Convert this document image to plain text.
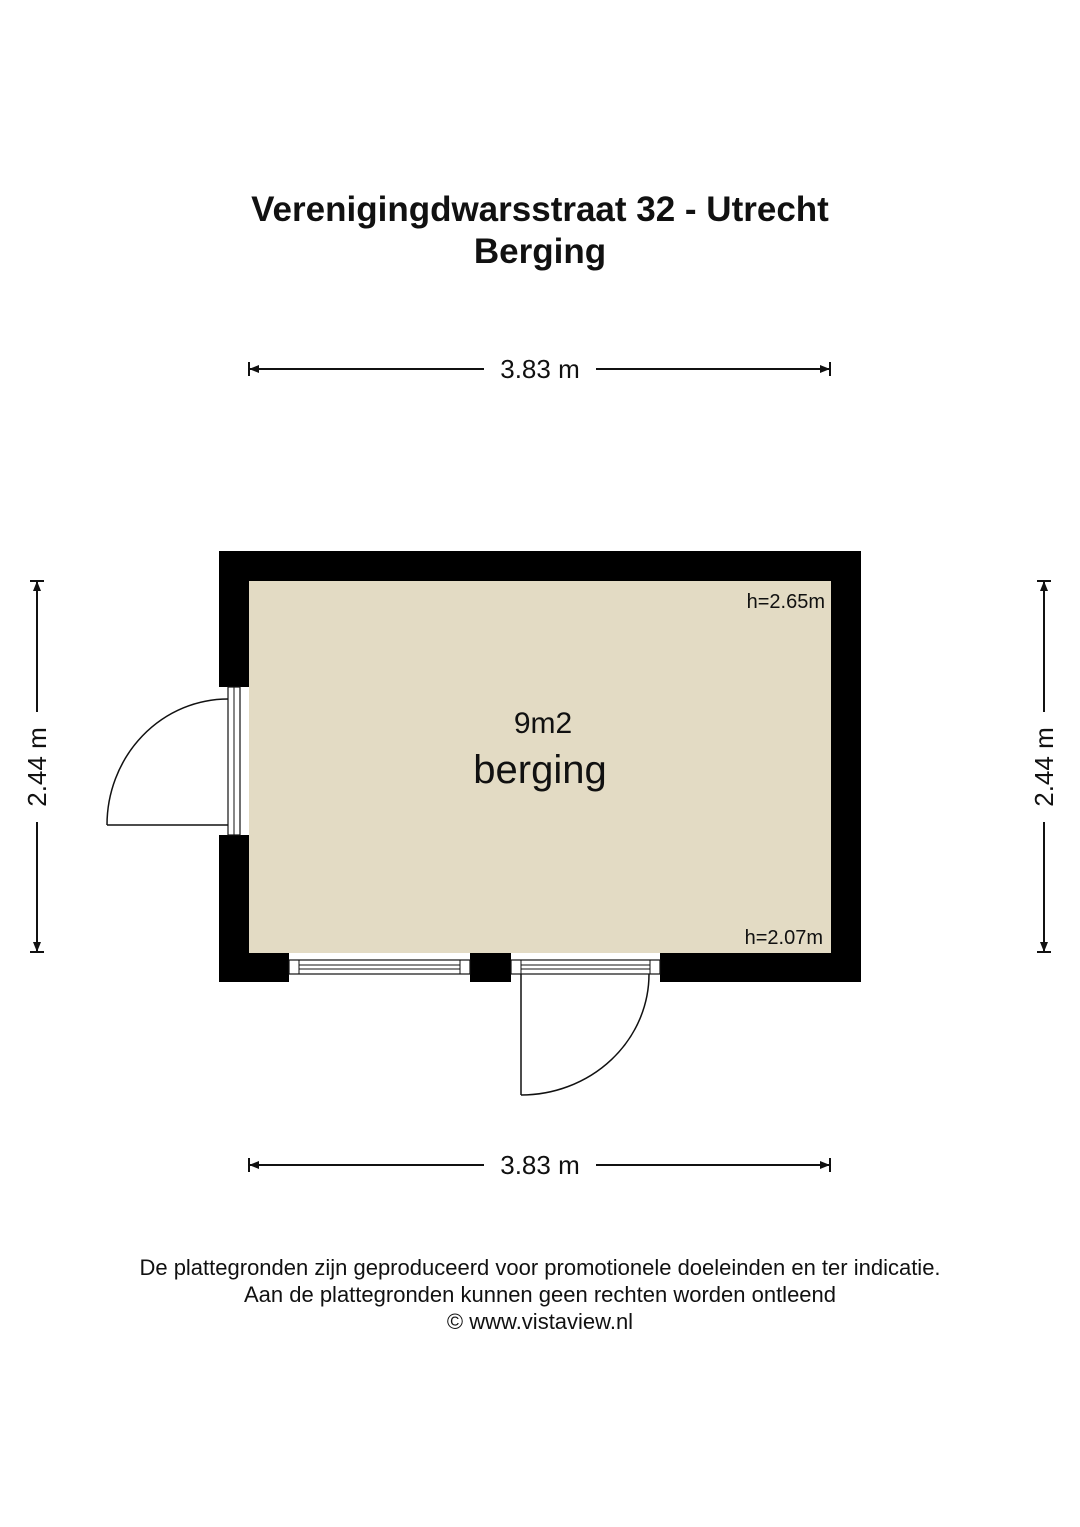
Verenigingdwarsstraat 32 - Utrecht
Berging
3.83 m
3.83 m
2.44 m	2.44 m
9m2
berging
h=2.65m
h=2.07m
De plattegronden zijn geproduceerd voor promotionele doeleinden en ter indicatie.
Aan de plattegronden kunnen geen rechten worden ontleend
© www.vistaview.nl
